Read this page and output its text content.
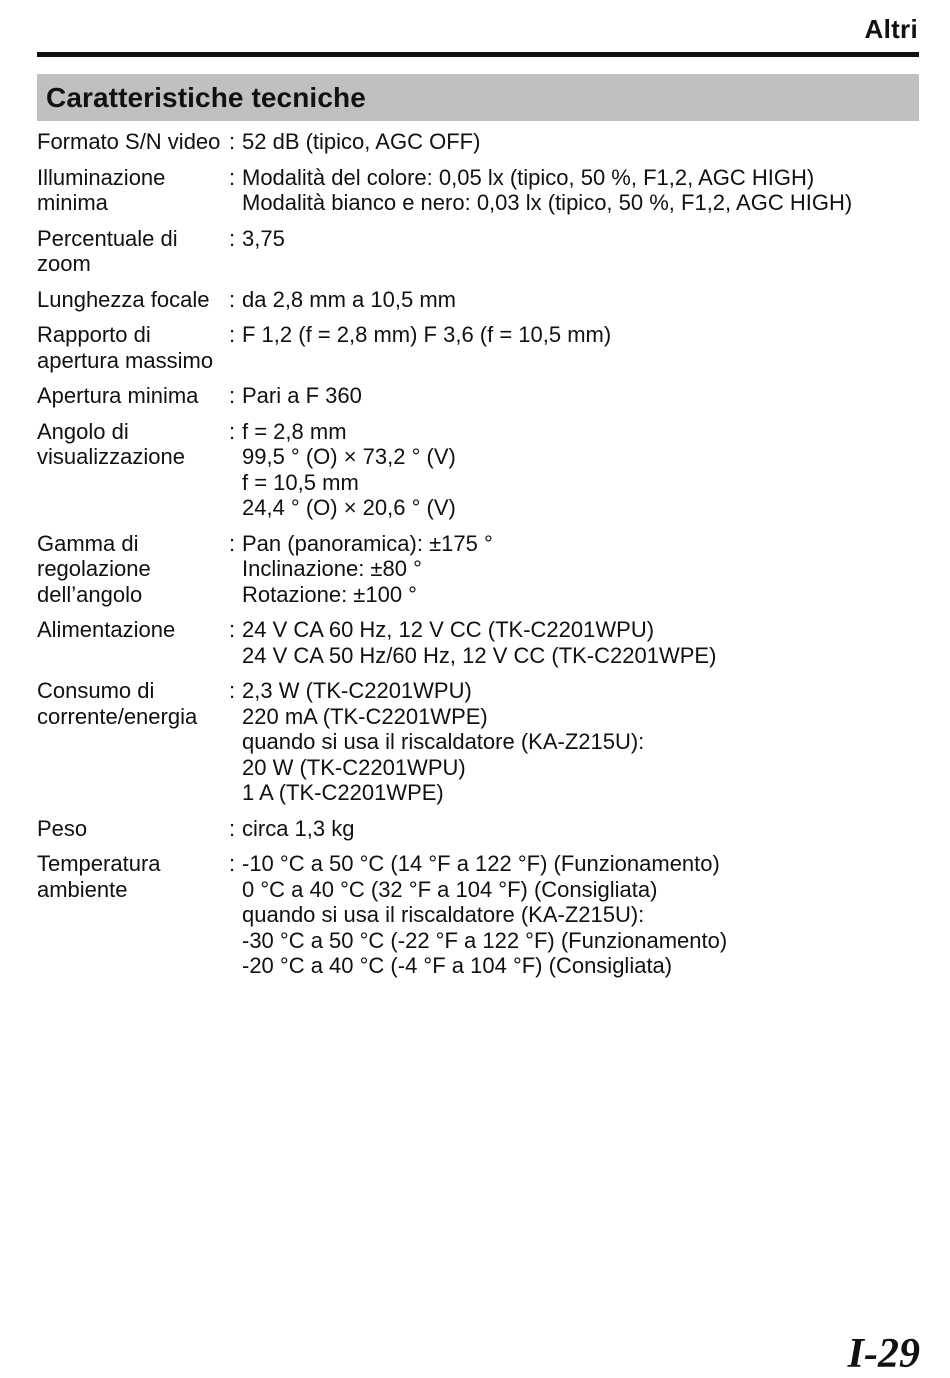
Altri
Caratteristiche tecniche
Formato S/N video : 52 dB (tipico, AGC OFF)
Illuminazione minima
: Modalità del colore: 0,05 lx (tipico, 50 %, F1,2, AGC HIGH)
Modalità bianco e nero: 0,03 lx (tipico, 50 %, F1,2, AGC HIGH)
Percentuale di zoom
: 3,75
Lunghezza focale : da 2,8 mm a 10,5 mm
Rapporto di apertura massimo
: F 1,2 (f = 2,8 mm) F 3,6 (f = 10,5 mm)
Apertura minima	: Pari a F 360
Angolo di visualizzazione
: f = 2,8 mm
99,5 ° (O) × 73,2 ° (V)
f = 10,5 mm
24,4 ° (O) × 20,6 ° (V)
Gamma di regolazione dell’angolo
: Pan (panoramica): ±175 °
Inclinazione: ±80 °
Rotazione: ±100 °
Alimentazione	: 24 V CA 60 Hz, 12 V CC (TK-C2201WPU)
24 V CA 50 Hz/60 Hz, 12 V CC (TK-C2201WPE)
Consumo di corrente/energia
: 2,3 W (TK-C2201WPU)
220 mA (TK-C2201WPE)
quando si usa il riscaldatore (KA-Z215U):
20 W (TK-C2201WPU)
1 A (TK-C2201WPE)
Peso	: circa 1,3 kg
Temperatura ambiente
: -10 °C a 50 °C (14 °F a 122 °F) (Funzionamento)
0 °C a 40 °C (32 °F a 104 °F) (Consigliata)
quando si usa il riscaldatore (KA-Z215U):
-30 °C a 50 °C (-22 °F a 122 °F) (Funzionamento)
-20 °C a 40 °C (-4 °F a 104 °F) (Consigliata)
I-29
